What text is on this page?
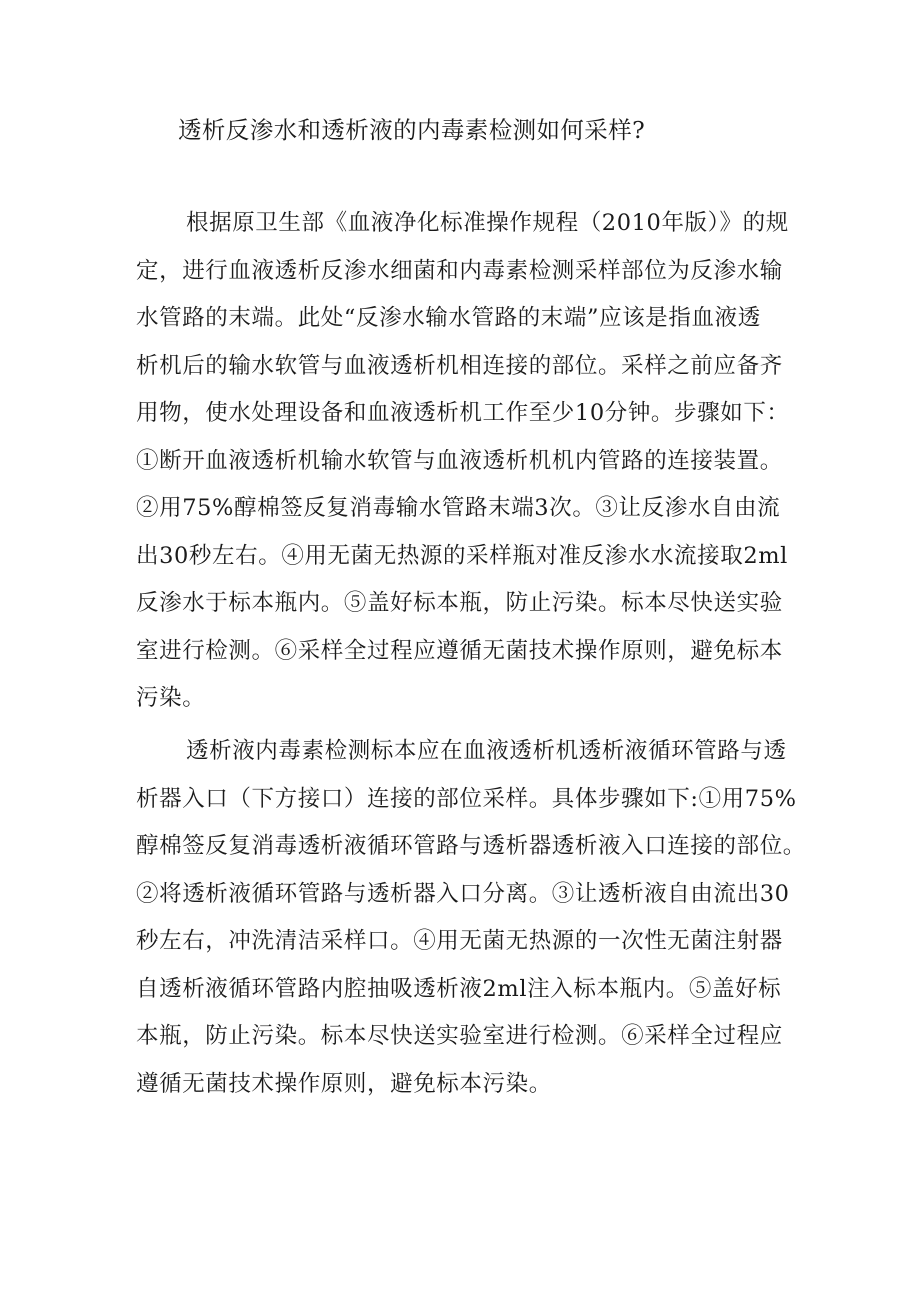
透析反渗水和透析液的内毒素检测如何采样?
根据原卫生部《血液净化标准操作规程（2010年版）》的规
定，进行血液透析反渗水细菌和内毒素检测采样部位为反渗水输
水管路的末端。此处“反渗水输水管路的末端”应该是指血液透
析机后的输水软管与血液透析机相连接的部位。采样之前应备齐
用物，使水处理设备和血液透析机工作至少10分钟。步骤如下：
①断开血液透析机输水软管与血液透析机机内管路的连接装置。
②用75%醇棉签反复消毒输水管路末端3次。③让反渗水自由流
出30秒左右。④用无菌无热源的采样瓶对准反渗水水流接取2ml
反渗水于标本瓶内。⑤盖好标本瓶，防止污染。标本尽快送实验
室进行检测。⑥采样全过程应遵循无菌技术操作原则，避免标本
污染。
透析液内毒素检测标本应在血液透析机透析液循环管路与透
析器入口（下方接口）连接的部位采样。具体步骤如下:①用75%
醇棉签反复消毒透析液循环管路与透析器透析液入口连接的部位。
②将透析液循环管路与透析器入口分离。③让透析液自由流出30
秒左右，冲洗清洁采样口。④用无菌无热源的一次性无菌注射器
自透析液循环管路内腔抽吸透析液2ml注入标本瓶内。⑤盖好标
本瓶，防止污染。标本尽快送实验室进行检测。⑥采样全过程应
遵循无菌技术操作原则，避免标本污染。
